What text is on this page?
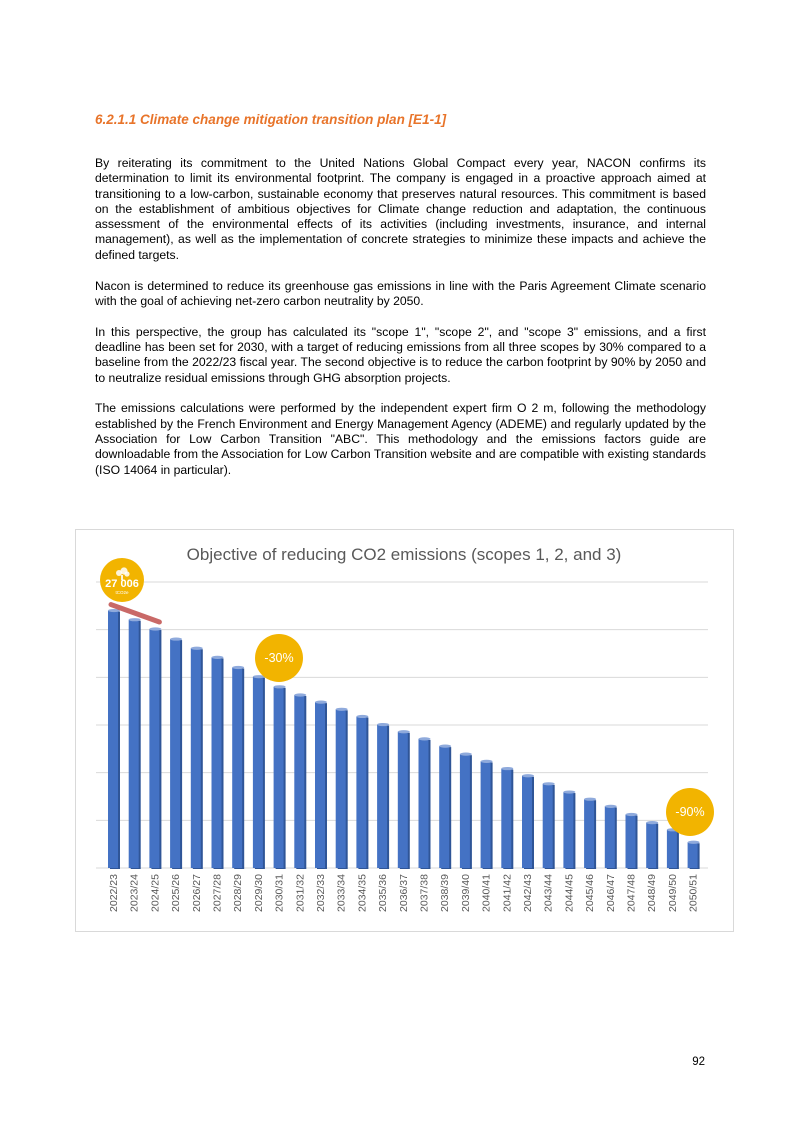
6.2.1.1 Climate change mitigation transition plan [E1-1]

By reiterating its commitment to the United Nations Global Compact every year, NACON confirms its determination to limit its environmental footprint. The company is engaged in a proactive approach aimed at transitioning to a low-carbon, sustainable economy that preserves natural resources. This commitment is based on the establishment of ambitious objectives for Climate change reduction and adaptation, the continuous assessment of the environmental effects of its activities (including investments, insurance, and internal management), as well as the implementation of concrete strategies to minimize these impacts and achieve the defined targets.

Nacon is determined to reduce its greenhouse gas emissions in line with the Paris Agreement Climate scenario with the goal of achieving net-zero carbon neutrality by 2050.

In this perspective, the group has calculated its "scope 1", "scope 2", and "scope 3" emissions, and a first deadline has been set for 2030, with a target of reducing emissions from all three scopes by 30% compared to a baseline from the 2022/23 fiscal year. The second objective is to reduce the carbon footprint by 90% by 2050 and to neutralize residual emissions through GHG absorption projects.

The emissions calculations were performed by the independent expert firm O 2 m, following the methodology established by the French Environment and Energy Management Agency (ADEME) and regularly updated by the Association for Low Carbon Transition "ABC". This methodology and the emissions factors guide are downloadable from the Association for Low Carbon Transition website and are compatible with existing standards (ISO 14064 in particular).

Objective of reducing CO2 emissions (scopes 1, 2, and 3)
2022/23 2023/24 2024/25 2025/26 2026/27 2027/28 2028/29 2029/30 2030/31 2031/32 2032/33 2033/34 2034/35 2035/36 2036/37 2037/38 2038/39 2039/40 2040/41 2041/42 2042/43 2043/44 2044/45 2045/46 2046/47 2047/48 2048/49 2049/50 2050/51
27 006
tCO2e
-30%
-90%
92
